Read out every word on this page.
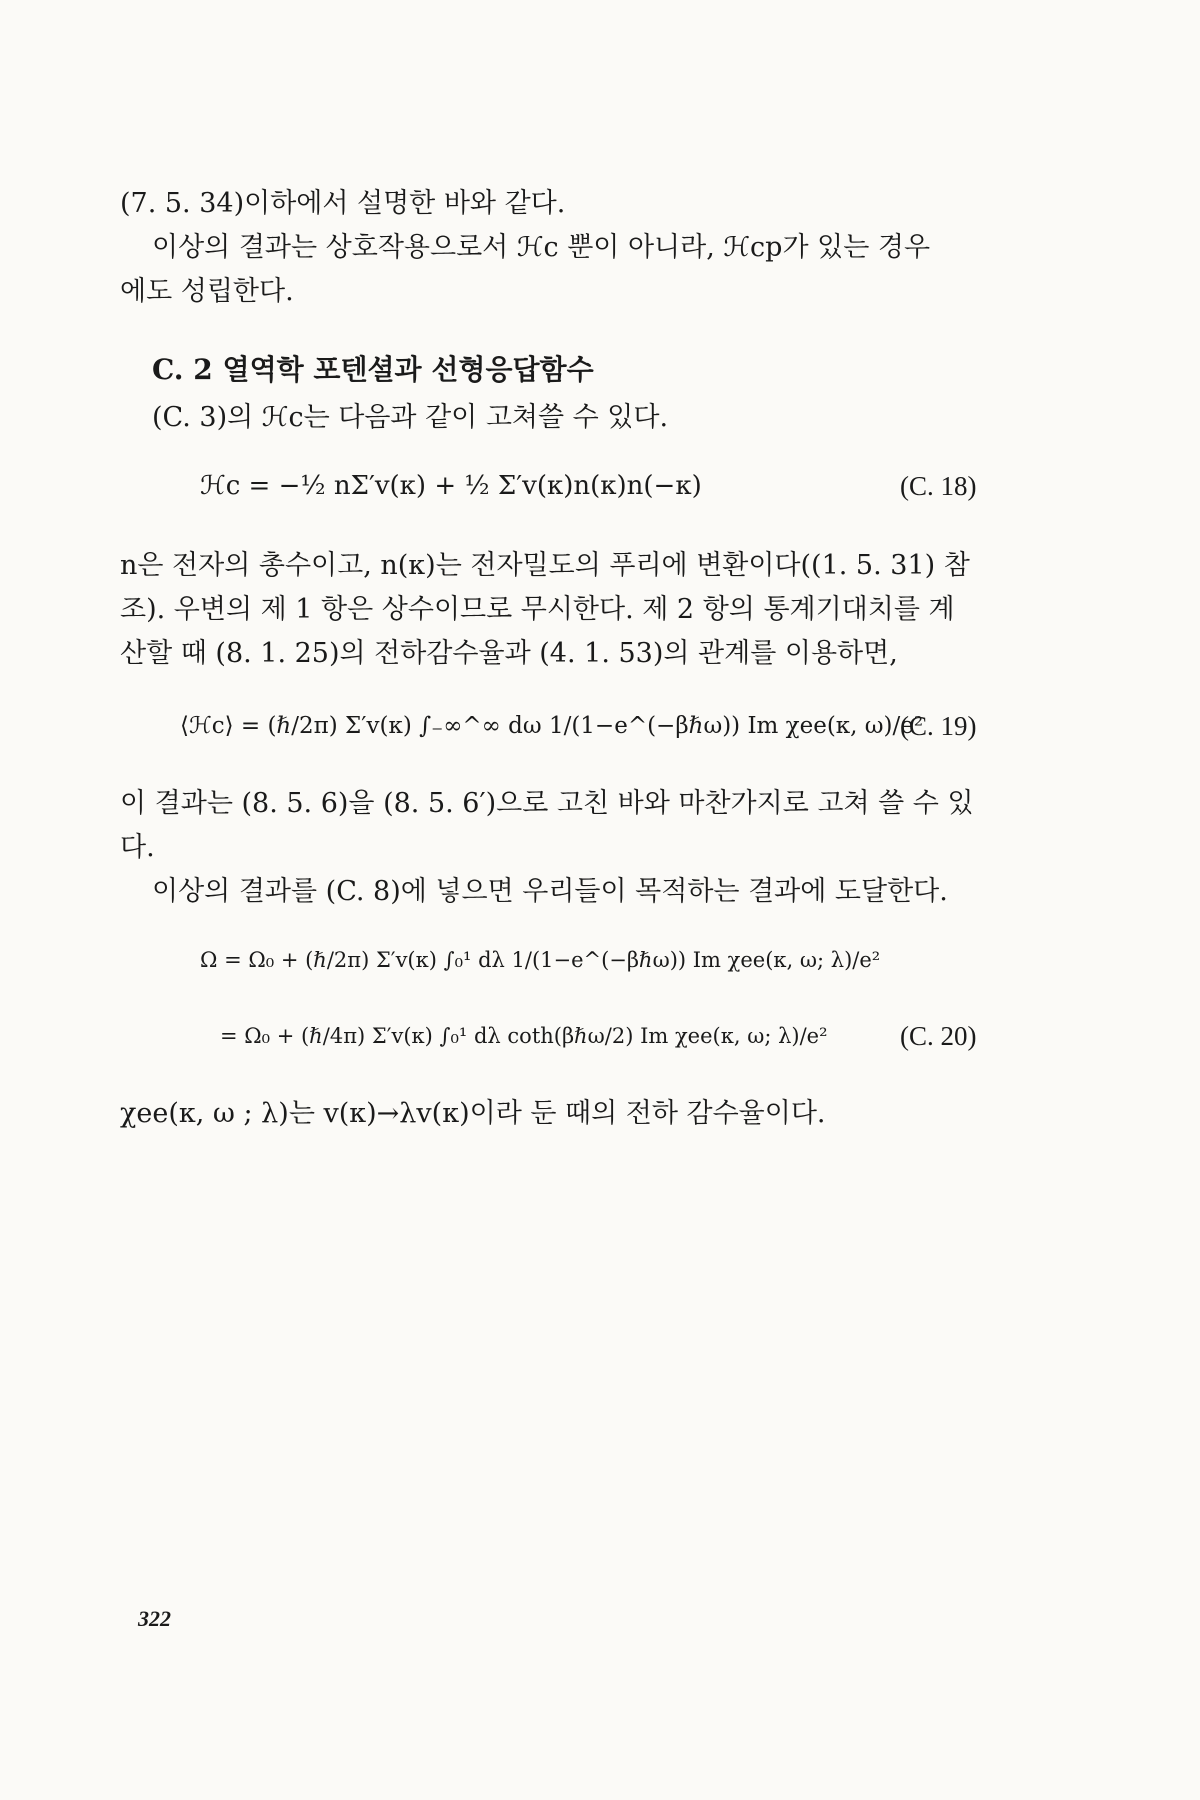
(7. 5. 34)이하에서 설명한 바와 같다.
이상의 결과는 상호작용으로서 ℋc 뿐이 아니라, ℋcp가 있는 경우
에도 성립한다.
C. 2 열역학 포텐셜과 선형응답함수
(C. 3)의 ℋc는 다음과 같이 고쳐쓸 수 있다.
ℋc = −½ nΣ′v(κ) + ½ Σ′v(κ)n(κ)n(−κ)	(C. 18)
n은 전자의 총수이고, n(κ)는 전자밀도의 푸리에 변환이다((1. 5. 31) 참
조). 우변의 제 1 항은 상수이므로 무시한다. 제 2 항의 통계기대치를 계
산할 때 (8. 1. 25)의 전하감수율과 (4. 1. 53)의 관계를 이용하면,
⟨ℋc⟩ = (ℏ/2π) Σ′v(κ) ∫₋∞^∞ dω 1/(1−e^(−βℏω)) Im χee(κ, ω)/e²
(C. 19)
이 결과는 (8. 5. 6)을 (8. 5. 6′)으로 고친 바와 마찬가지로 고쳐 쓸 수 있
다.
이상의 결과를 (C. 8)에 넣으면 우리들이 목적하는 결과에 도달한다.
Ω = Ω₀ + (ℏ/2π) Σ′v(κ) ∫₀¹ dλ 1/(1−e^(−βℏω)) Im χee(κ, ω; λ)/e²
= Ω₀ + (ℏ/4π) Σ′v(κ) ∫₀¹ dλ coth(βℏω/2) Im χee(κ, ω; λ)/e²	(C. 20)
χee(κ, ω ; λ)는 v(κ)→λv(κ)이라 둔 때의 전하 감수율이다.
322
